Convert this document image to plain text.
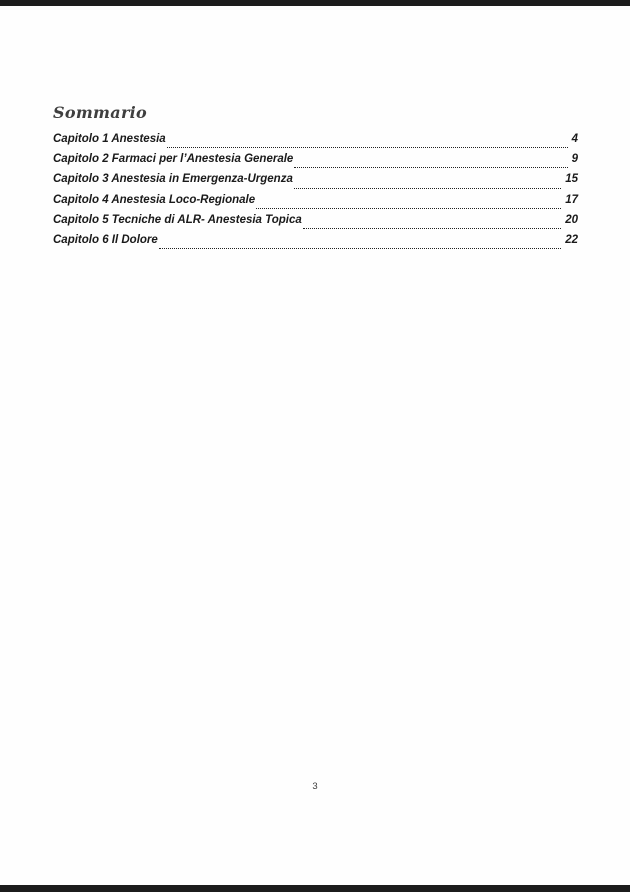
Sommario
Capitolo 1 Anestesia	4
Capitolo 2 Farmaci per l’Anestesia Generale	9
Capitolo 3 Anestesia in Emergenza-Urgenza	15
Capitolo 4 Anestesia Loco-Regionale	17
Capitolo 5 Tecniche di ALR- Anestesia Topica	20
Capitolo 6 Il Dolore	22
3
